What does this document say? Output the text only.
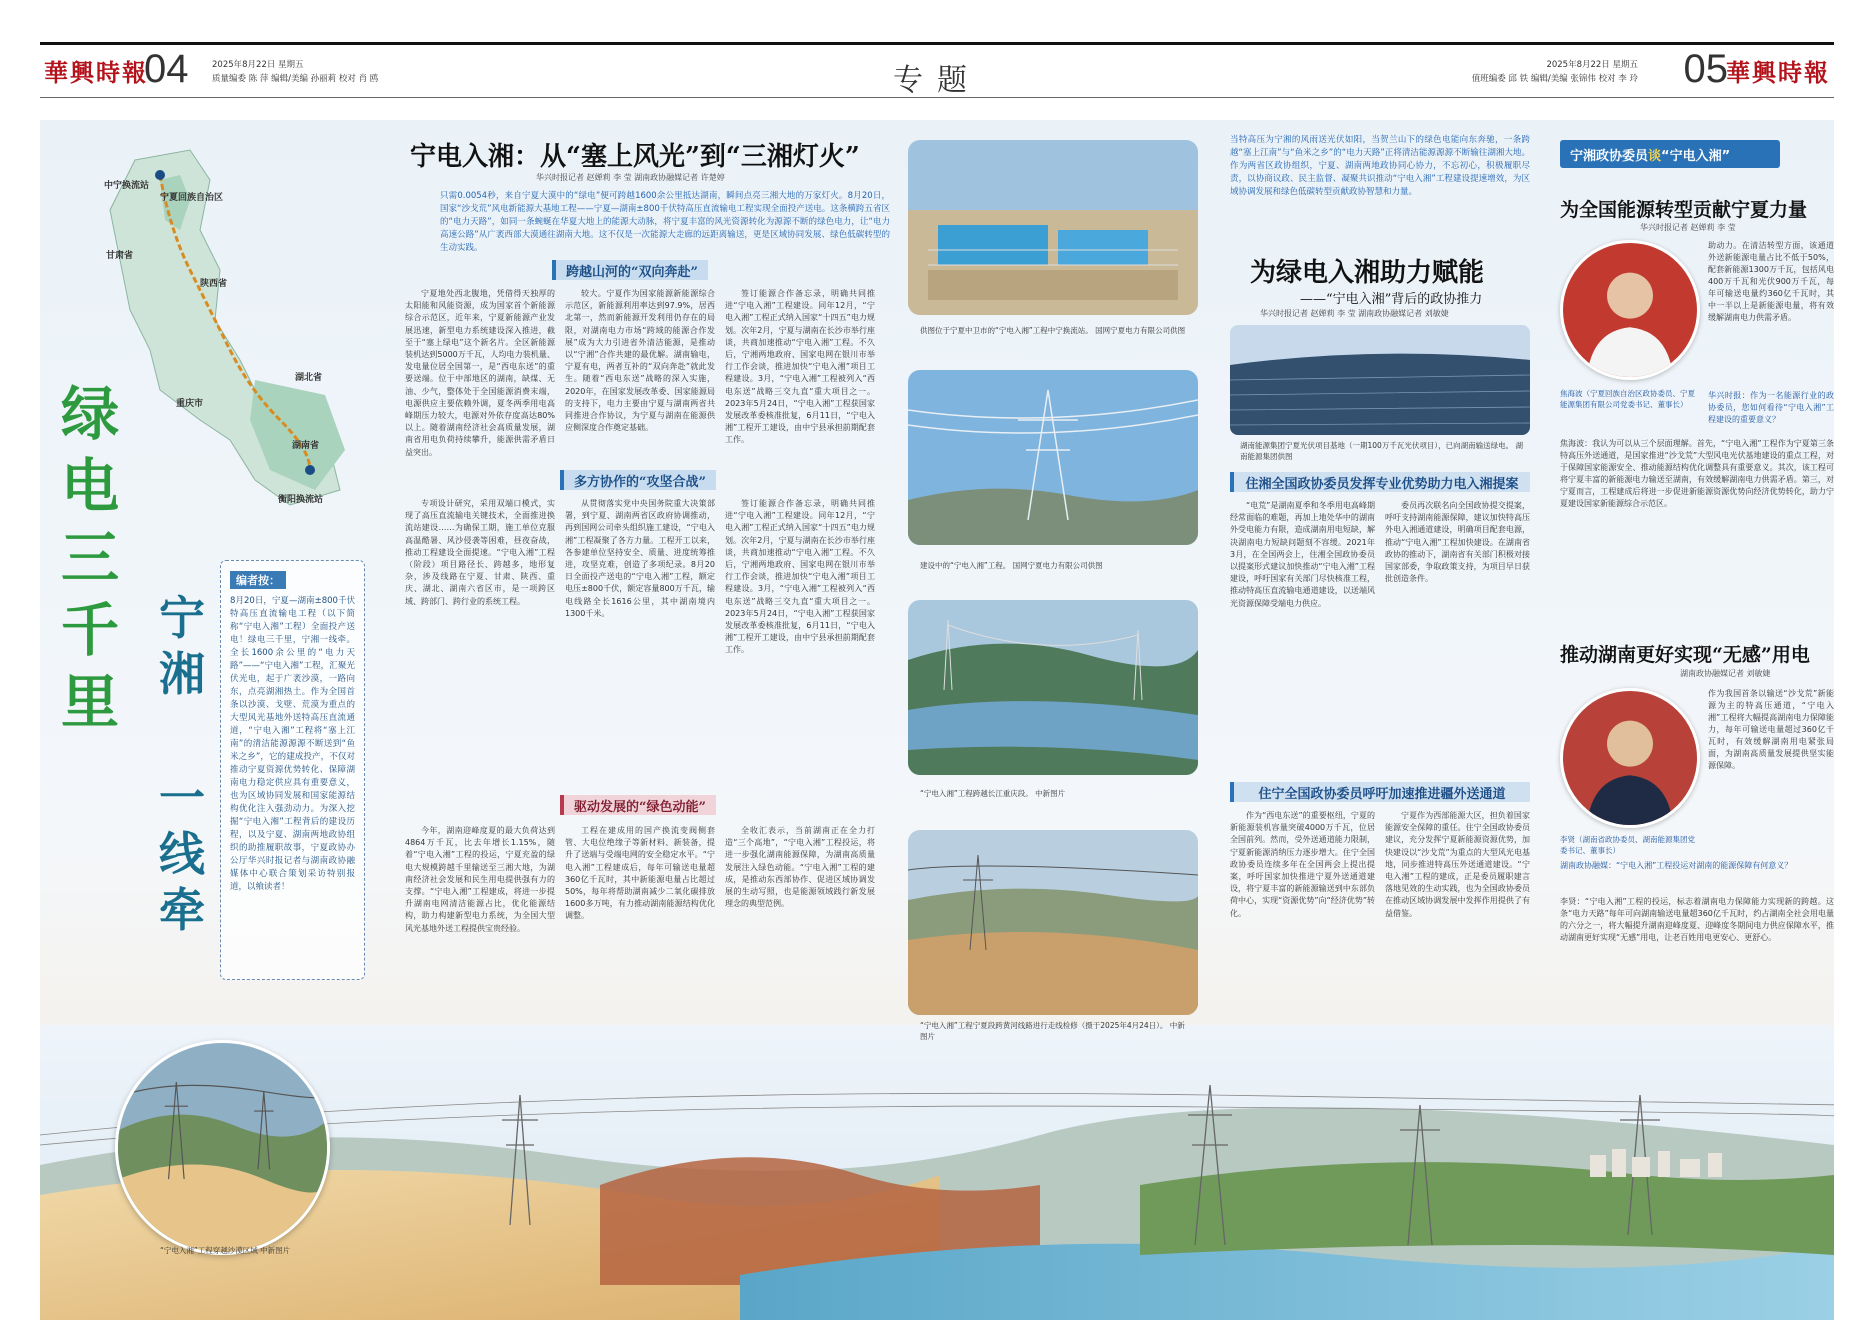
華興時報
04	2025年8月22日 星期五
质量编委 陈 萍 编辑/美编 孙丽莉 校对 肖 鸥	专题	2025年8月22日 星期五
值班编委 邱 铁 编辑/美编 张锦伟 校对 李 玲 05
華興時報
中宁换流站
宁夏回族自治区
甘肃省
陕西省
重庆市
湖北省
湖南省
衡阳换流站
绿
电
三
千
里
宁
湘
一
线
牵
编者按：

8月20日，宁夏—湖南±800千伏特高压直流输电工程（以下简称“宁电入湘”工程）全面投产送电！绿电三千里，宁湘一线牵。全长1600余公里的“电力天路”——“宁电入湘”工程，汇聚光伏光电，起于广袤沙漠，一路向东，点亮湖湘热土。作为全国首条以沙漠、戈壁、荒漠为重点的大型风光基地外送特高压直流通道，“宁电入湘”工程将“塞上江南”的清洁能源源源不断送到“鱼米之乡”，它的建成投产，不仅对推动宁夏资源优势转化、保障湖南电力稳定供应具有重要意义，也为区域协同发展和国家能源结构优化注入强劲动力。为深入挖掘“宁电入湘”工程背后的建设历程，以及宁夏、湖南两地政协组织的助推履职故事，宁夏政协办公厅华兴时报记者与湖南政协融媒体中心联合策划采访特别报道，以飨读者！

“宁电入湘”工程穿越沙漠区域 中新图片
宁电入湘：从“塞上风光”到“三湘灯火”
华兴时报记者 赵婵莉 李 莹 湖南政协融媒记者 许楚婷
只需0.0054秒，来自宁夏大漠中的“绿电”便可跨越1600余公里抵达湖南，瞬间点亮三湘大地的万家灯火。8月20日，国家“沙戈荒”风电新能源大基地工程——宁夏—湖南±800千伏特高压直流输电工程实现全面投产送电。这条横跨五省区的“电力天路”，如同一条蜿蜒在华夏大地上的能源大动脉，将宁夏丰富的风光资源转化为源源不断的绿色电力，让“电力高速公路”从广袤西部大漠通往湖南大地。这不仅是一次能源大走廊的远距离输送，更是区域协同发展、绿色低碳转型的生动实践。
跨越山河的“双向奔赴”

宁夏地处西北腹地，凭借得天独厚的太阳能和风能资源，成为国家首个新能源综合示范区，近年来，宁夏新能源产业发展迅速，新型电力系统建设深入推进，截至于“塞上绿电”这个新名片。全区新能源装机达到5000万千瓦，人均电力装机量、发电量位居全国第一，是“西电东送”的重要送端。位于中部地区的湖南，缺煤、无油、少气，整体处于全国能源消费末端，电源供应主要依赖外调，夏冬两季用电高峰期压力较大，电源对外依存度高达80%以上。随着湖南经济社会高质量发展，湖南省用电负荷持续攀升，能源供需矛盾日益突出。

较大。宁夏作为国家能源新能源综合示范区，新能源利用率达到97.9%，居西北第一，然而新能源开发利用仍存在的局限，对湖南电力市场“跨域的能源合作发展”成为大力引进省外清洁能源，是推动以“宁湘”合作共建的最优解。湖南输电，宁夏有电，两者互补的“双向奔赴”就此发生。随着“西电东送”战略的深入实施，2020年，在国家发展改革委、国家能源局的支持下，电力主要由宁夏与湖南两省共同推进合作协议，为宁夏与湖南在能源供应侧深度合作奠定基础。

签订能源合作备忘录，明确共同推进“宁电入湘”工程建设。同年12月，“宁电入湘”工程正式纳入国家“十四五”电力规划。次年2月，宁夏与湖南在长沙市举行座谈，共商加速推动“宁电入湘”工程。不久后，宁湘两地政府、国家电网在银川市举行工作会谈，推进加快“宁电入湘”项目工程建设。3月，“宁电入湘”工程被列入“西电东送”战略三交九直“重大项目之一。2023年5月24日，“宁电入湘”工程获国家发展改革委核准批复，6月11日，“宁电入湘”工程开工建设，由中宁县承担前期配套工作。

多方协作的“攻坚合战”

专项设计研究，采用双端口模式，实现了高压直流输电关键技术，全面推进换流站建设……为确保工期，施工单位克服高温酷暑、风沙侵袭等困难，昼夜奋战，推动工程建设全面提速。“宁电入湘”工程（阶段）项目路径长、跨越多，地形复杂，涉及线路在宁夏、甘肃、陕西、重庆、湖北、湖南六省区市，是一项跨区域、跨部门、跨行业的系统工程。

从贯彻落实党中央国务院重大决策部署，到宁夏、湖南两省区政府协调推动，再到国网公司牵头组织施工建设，“宁电入湘”工程凝聚了各方力量。工程开工以来，各参建单位坚持安全、质量、进度统筹推进，攻坚克难，创造了多项纪录。8月20日全面投产送电的“宁电入湘”工程，额定电压±800千伏，额定容量800万千瓦，输电线路全长1616公里，其中湖南境内1300千米。

签订能源合作备忘录，明确共同推进“宁电入湘”工程建设。同年12月，“宁电入湘”工程正式纳入国家“十四五”电力规划。次年2月，宁夏与湖南在长沙市举行座谈，共商加速推动“宁电入湘”工程。不久后，宁湘两地政府、国家电网在银川市举行工作会谈，推进加快“宁电入湘”项目工程建设。3月，“宁电入湘”工程被列入“西电东送”战略三交九直“重大项目之一。2023年5月24日，“宁电入湘”工程获国家发展改革委核准批复，6月11日，“宁电入湘”工程开工建设，由中宁县承担前期配套工作。

驱动发展的“绿色动能”

今年，湖南迎峰度夏的最大负荷达到4864万千瓦，比去年增长1.15%，随着“宁电入湘”工程的投运，宁夏充盈的绿电大规模跨越千里输送至三湘大地，为湖南经济社会发展和民生用电提供强有力的支撑。“宁电入湘”工程建成，将进一步提升湖南电网清洁能源占比，优化能源结构，助力构建新型电力系统，为全国大型风光基地外送工程提供宝贵经验。

工程在建成用的国产换流变阀侧套管、大电位绝缘子等新材料、新装备，提升了送端与受端电网的安全稳定水平。“宁电入湘”工程建成后，每年可输送电量超360亿千瓦时，其中新能源电量占比超过50%，每年将帮助湖南减少二氧化碳排放1600多万吨，有力推动湖南能源结构优化调整。

全收汇表示，当前湖南正在全力打造“三个高地”，“宁电入湘”工程投运，将进一步强化湖南能源保障，为湖南高质量发展注入绿色动能。“宁电入湘”工程的建成，是推动东西部协作、促进区域协调发展的生动写照，也是能源领域践行新发展理念的典型范例。

供图位于宁夏中卫市的“宁电入湘”工程中宁换流站。 国网宁夏电力有限公司供图
建设中的“宁电入湘”工程。 国网宁夏电力有限公司供图
“宁电入湘”工程跨越长江重庆段。 中新图片
“宁电入湘”工程宁夏段跨黄河线路进行走线检修（摄于2025年4月24日）。 中新图片
当特高压为宁湘的风雨送光伏如阳，当贺兰山下的绿色电能向东奔驰，一条跨越“塞上江南”与“鱼米之乡”的“电力天路”正将清洁能源源源不断输往湖湘大地。作为两省区政协组织，宁夏、湖南两地政协同心协力，不忘初心，积极履职尽责，以协商议政、民主监督、凝聚共识推动“宁电入湘”工程建设提速增效，为区域协调发展和绿色低碳转型贡献政协智慧和力量。
为绿电入湘助力赋能
——“宁电入湘”背后的政协推力
华兴时报记者 赵婵莉 李 莹 湖南政协融媒记者 刘敏婕
湖南能源集团宁夏光伏项目基地（一期100万千瓦光伏项目），已向湖南输送绿电。 湖南能源集团供图
住湘全国政协委员发挥专业优势助力电入湘提案

“电荒”是湖南夏季和冬季用电高峰期经常面临的难题，再加上地处华中的湖南外受电能力有限，造成湖南用电短缺，解决湖南电力短缺问题刻不容缓。2021年3月，在全国两会上，住湘全国政协委员以提案形式建议加快推动“宁电入湘”工程建设，呼吁国家有关部门尽快核准工程，推动特高压直流输电通道建设，以送端风光资源保障受端电力供应。

委员再次联名向全国政协提交提案，呼吁支持湖南能源保障，建议加快特高压外电入湘通道建设，明确项目配套电源，推动“宁电入湘”工程加快建设。在湖南省政协的推动下，湖南省有关部门积极对接国家部委，争取政策支持，为项目早日获批创造条件。

住宁全国政协委员呼吁加速推进疆外送通道

作为“西电东送”的重要枢纽，宁夏的新能源装机容量突破4000万千瓦，位居全国前列。然而，受外送通道能力限制，宁夏新能源消纳压力逐步增大。住宁全国政协委员连续多年在全国两会上提出提案，呼吁国家加快推进宁夏外送通道建设，将宁夏丰富的新能源输送到中东部负荷中心，实现“资源优势”向“经济优势”转化。

宁夏作为西部能源大区，担负着国家能源安全保障的重任。住宁全国政协委员建议，充分发挥宁夏新能源资源优势，加快建设以“沙戈荒”为重点的大型风光电基地，同步推进特高压外送通道建设。“宁电入湘”工程的建成，正是委员履职建言落地见效的生动实践，也为全国政协委员在推动区域协调发展中发挥作用提供了有益借鉴。

宁湘政协委员谈“宁电入湘”
为全国能源转型贡献宁夏力量
华兴时报记者 赵婵莉 李 莹
助动力。在清洁转型方面，该通道外送新能源电量占比不低于50%，配套新能源1300万千瓦，包括风电400万千瓦和光伏900万千瓦，每年可输送电量约360亿千瓦时，其中一半以上是新能源电量，将有效缓解湖南电力供需矛盾。
焦海波（宁夏回族自治区政协委员、宁夏能源集团有限公司党委书记、董事长）
华兴时报：作为一名能源行业的政协委员，您如何看待“宁电入湘”工程建设的重要意义？
焦海波：我认为可以从三个层面理解。首先，“宁电入湘”工程作为宁夏第三条特高压外送通道，是国家推进“沙戈荒”大型风电光伏基地建设的重点工程，对于保障国家能源安全、推动能源结构优化调整具有重要意义。其次，该工程可将宁夏丰富的新能源电力输送至湖南，有效缓解湖南电力供需矛盾。第三，对宁夏而言，工程建成后将进一步促进新能源资源优势向经济优势转化，助力宁夏建设国家新能源综合示范区。
推动湖南更好实现“无感”用电
湖南政协融媒记者 刘敏婕
作为我国首条以输送“沙戈荒”新能源为主的特高压通道，“宁电入湘”工程将大幅提高湖南电力保障能力，每年可输送电量超过360亿千瓦时，有效缓解湖南用电紧张局面，为湖南高质量发展提供坚实能源保障。
李贤（湖南省政协委员、湖南能源集团党委书记、董事长）
湖南政协融媒：“宁电入湘”工程投运对湖南的能源保障有何意义？
李贤：“宁电入湘”工程的投运，标志着湖南电力保障能力实现新的跨越。这条“电力天路”每年可向湖南输送电量超360亿千瓦时，约占湖南全社会用电量的六分之一，将大幅提升湖南迎峰度夏、迎峰度冬期间电力供应保障水平，推动湖南更好实现“无感”用电，让老百姓用电更安心、更舒心。
